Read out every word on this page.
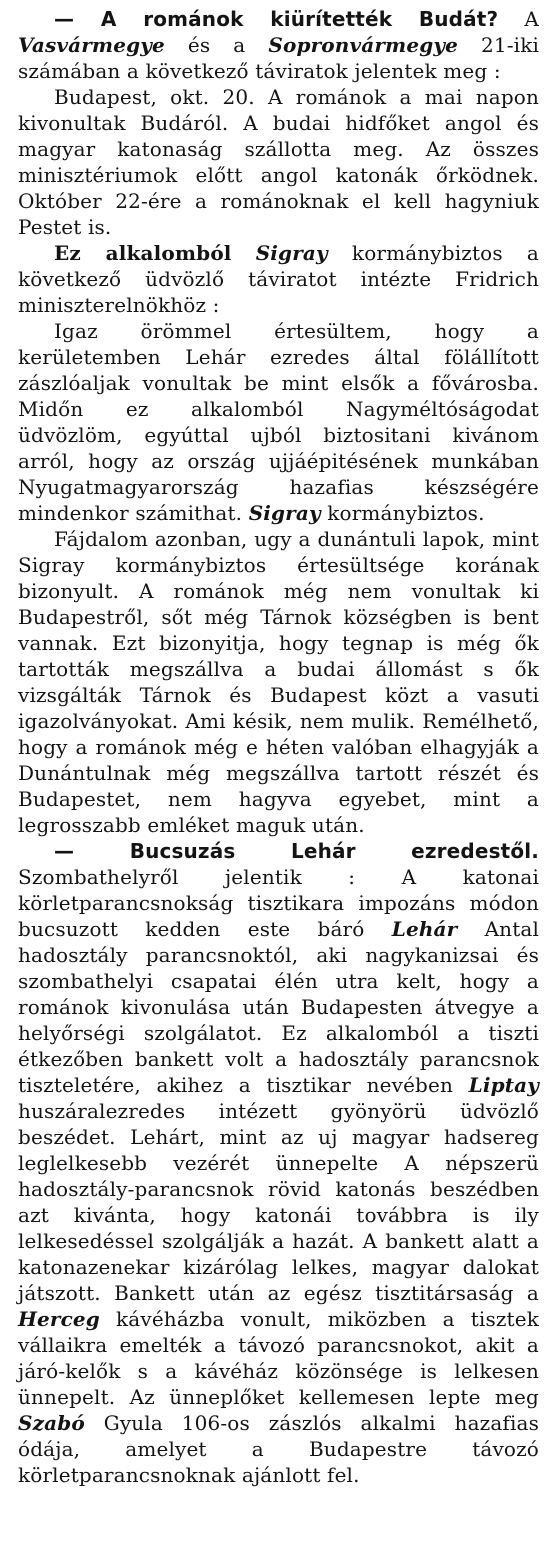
— A románok kiürítették Budát? A Vasvármegye és a Sopronvármegye 21-iki számában a következő táviratok jelentek meg :

Budapest, okt. 20. A románok a mai napon kivonultak Budáról. A budai hidfőket angol és magyar katonaság szállotta meg. Az összes minisztériumok előtt angol katonák őrködnek. Október 22-ére a románoknak el kell hagyniuk Pestet is.

Ez alkalomból Sigray kormánybiztos a következő üdvözlő táviratot intézte Fridrich miniszterelnökhöz :

Igaz örömmel értesültem, hogy a kerületemben Lehár ezredes által fölállított zászlóaljak vonultak be mint elsők a fővárosba. Midőn ez alkalomból Nagyméltóságodat üdvözlöm, egyúttal ujból biztositani kivánom arról, hogy az ország ujjáépitésének munkában Nyugatmagyarország hazafias készségére mindenkor számithat. Sigray kormánybiztos.

Fájdalom azonban, ugy a dunántuli lapok, mint Sigray kormánybiztos értesültsége korának bizonyult. A románok még nem vonultak ki Budapestről, sőt még Tárnok községben is bent vannak. Ezt bizonyitja, hogy tegnap is még ők tartották megszállva a budai állomást s ők vizsgálták Tárnok és Budapest közt a vasuti igazolványokat. Ami késik, nem mulik. Remélhető, hogy a románok még e héten valóban elhagyják a Dunántulnak még megszállva tartott részét és Budapestet, nem hagyva egyebet, mint a legrosszabb emléket maguk után.

— Bucsuzás Lehár ezredestől. Szombathelyről jelentik : A katonai körletparancsnokság tisztikara impozáns módon bucsuzott kedden este báró Lehár Antal hadosztály parancsnoktól, aki nagykanizsai és szombathelyi csapatai élén utra kelt, hogy a románok kivonulása után Budapesten átvegye a helyőrségi szolgálatot. Ez alkalomból a tiszti étkezőben bankett volt a hadosztály parancsnok tiszteletére, akihez a tisztikar nevében Liptay huszáralezredes intézett gyönyörü üdvözlő beszédet. Lehárt, mint az uj magyar hadsereg leglelkesebb vezérét ünnepelte A népszerü hadosztály-parancsnok rövid katonás beszédben azt kivánta, hogy katonái továbbra is ily lelkesedéssel szolgálják a hazát. A bankett alatt a katonazenekar kizárólag lelkes, magyar dalokat játszott. Bankett után az egész tisztitársaság a Herceg kávéházba vonult, miközben a tisztek vállaikra emelték a távozó parancsnokot, akit a járó-kelők s a kávéház közönsége is lelkesen ünnepelt. Az ünneplőket kellemesen lepte meg Szabó Gyula 106-os zászlós alkalmi hazafias ódája, amelyet a Budapestre távozó körletparancsnoknak ajánlott fel.
